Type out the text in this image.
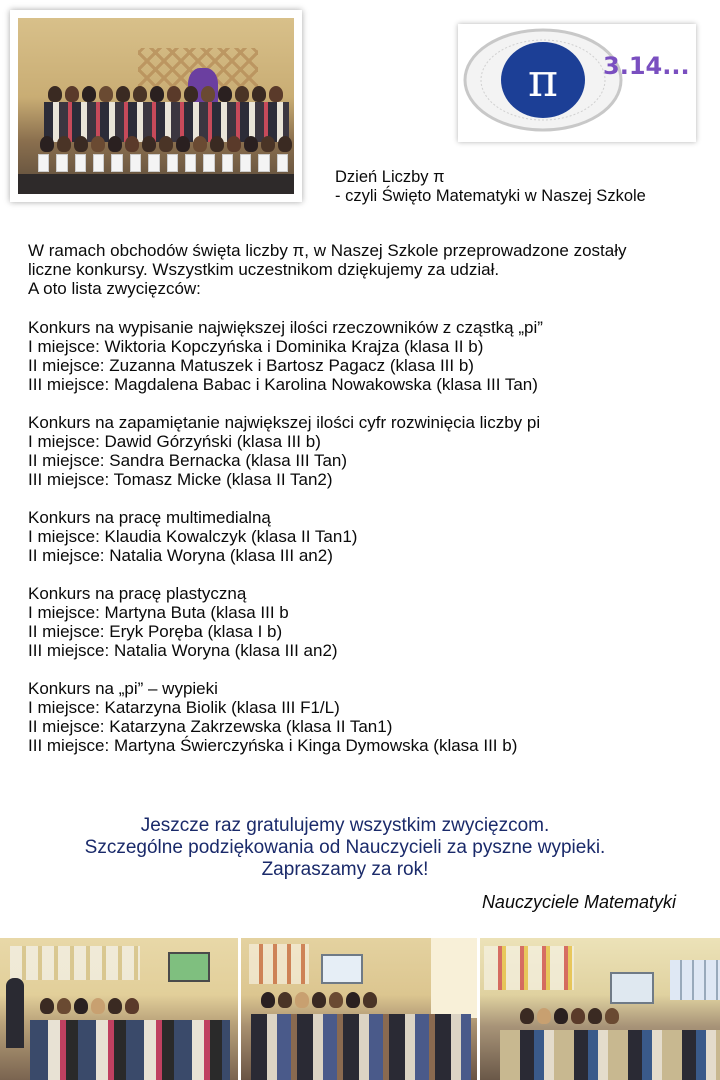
π 3.14...
Dzień Liczby π
- czyli Święto Matematyki w Naszej Szkole
W ramach obchodów święta liczby π, w Naszej Szkole przeprowadzone zostały
liczne konkursy. Wszystkim uczestnikom dziękujemy za udział.
A oto lista zwycięzców:
Konkurs na wypisanie największej ilości rzeczowników z cząstką „pi”
I miejsce: Wiktoria Kopczyńska i Dominika Krajza (klasa II b)
II miejsce: Zuzanna Matuszek i Bartosz Pagacz (klasa III b)
III miejsce: Magdalena Babac i Karolina Nowakowska (klasa III Tan)
Konkurs na zapamiętanie największej ilości cyfr rozwinięcia liczby pi
I miejsce: Dawid Górzyński (klasa III b)
II miejsce: Sandra Bernacka (klasa III Tan)
III miejsce: Tomasz Micke (klasa II Tan2)
Konkurs na pracę multimedialną
I miejsce: Klaudia Kowalczyk (klasa II Tan1)
II miejsce: Natalia Woryna (klasa III an2)
Konkurs na pracę plastyczną
I miejsce: Martyna Buta (klasa III b
II miejsce: Eryk Poręba (klasa I b)
III miejsce: Natalia Woryna (klasa III an2)
Konkurs na „pi” – wypieki
I miejsce: Katarzyna Biolik (klasa III F1/L)
II miejsce: Katarzyna Zakrzewska (klasa II Tan1)
III miejsce: Martyna Świerczyńska i Kinga Dymowska (klasa III b)
Jeszcze raz gratulujemy wszystkim zwycięzcom.
Szczególne podziękowania od Nauczycieli za pyszne wypieki.
Zapraszamy za rok!
Nauczyciele Matematyki
